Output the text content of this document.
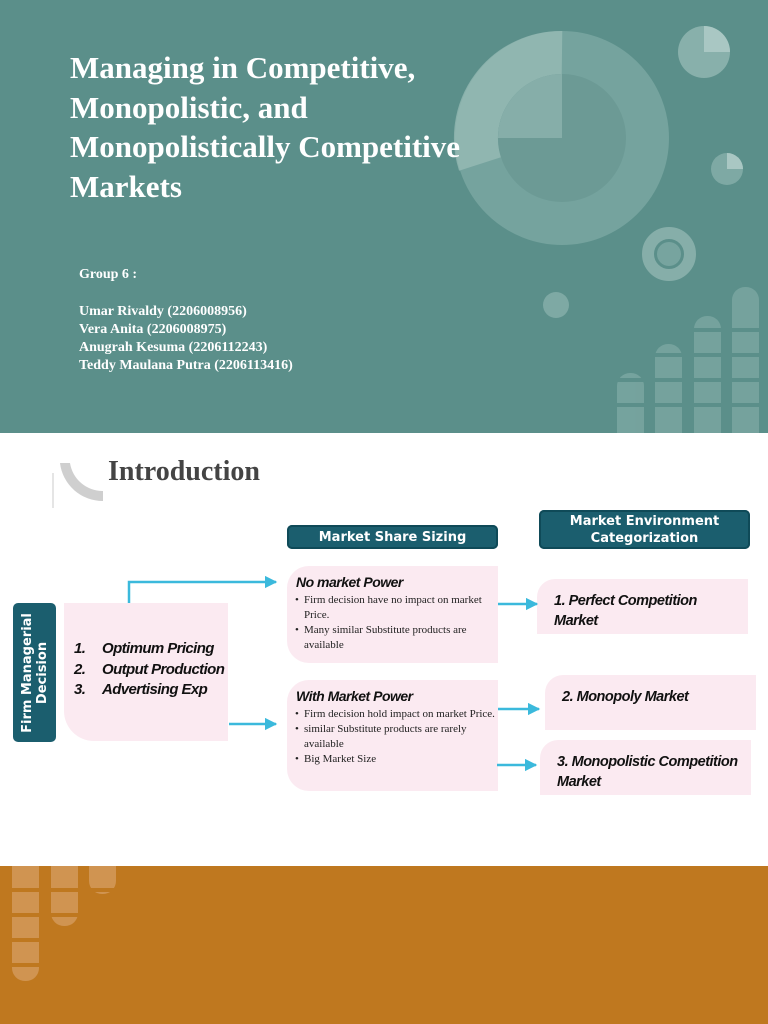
Managing in Competitive,
Monopolistic, and
Monopolistically Competitive
Markets
Group 6 :
Umar Rivaldy (2206008956)
Vera Anita (2206008975)
Anugrah Kesuma (2206112243)
Teddy Maulana Putra (2206113416)
Introduction
Market Share Sizing
Market Environment Categorization
Firm Managerial Decision 1. Optimum Pricing
2. Output Production
3. Advertising Exp
No market Power
• Firm decision have no impact on market Price.
• Many similar Substitute products are available
With Market Power
• Firm decision hold impact on market Price.
• similar Substitute products are rarely available
• Big Market Size
1. Perfect Competition Market
2. Monopoly Market
3. Monopolistic Competition Market
